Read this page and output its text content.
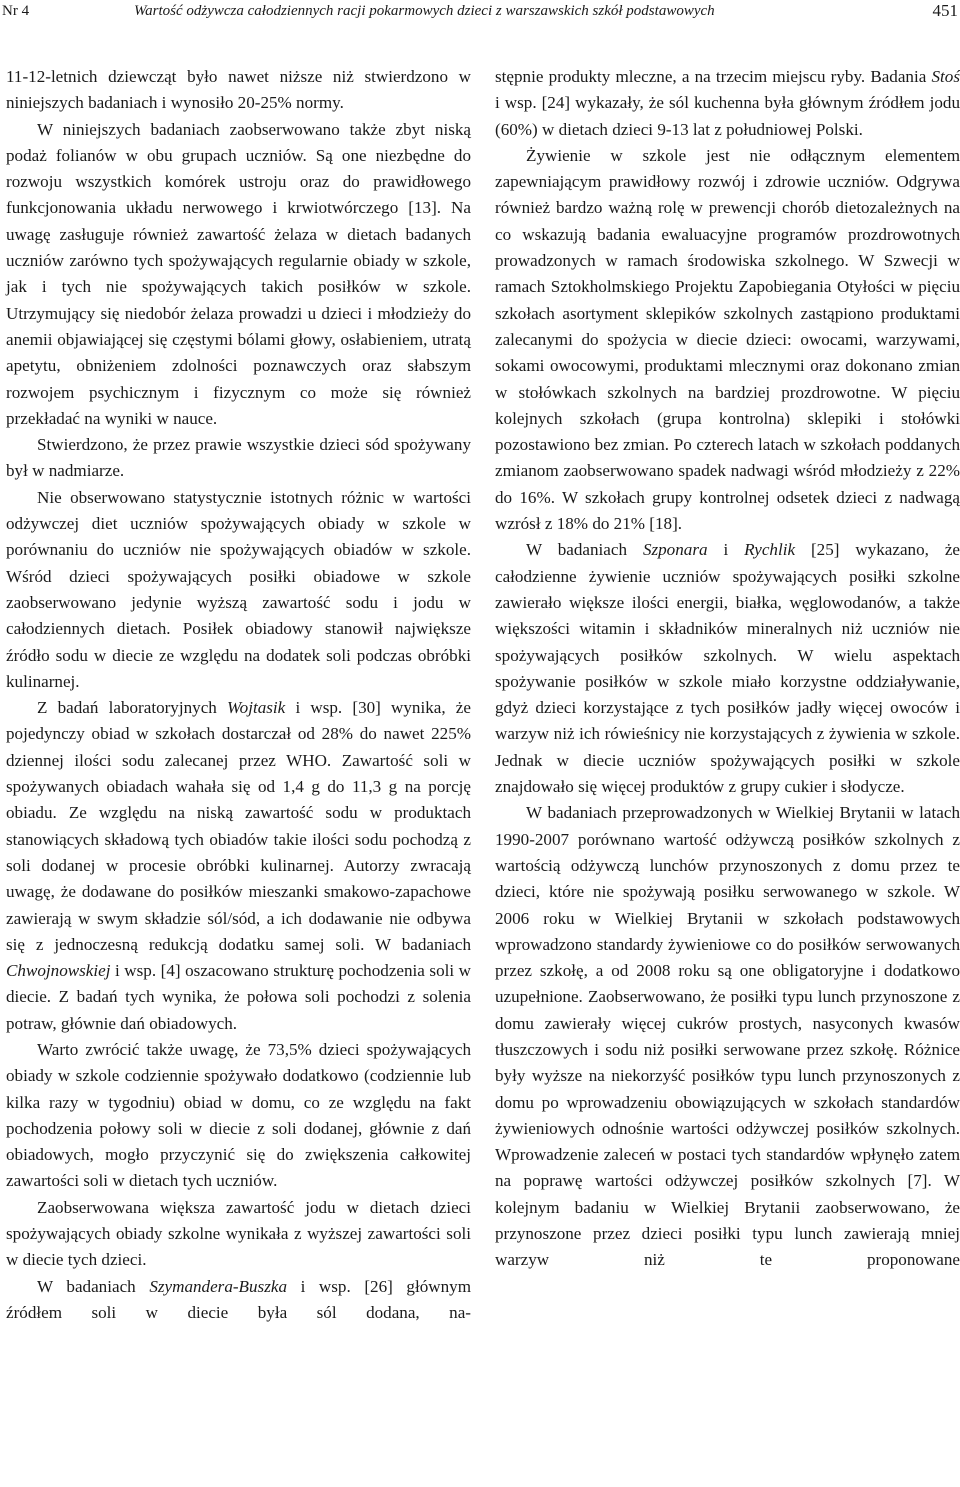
Nr 4	Wartość odżywcza całodziennych racji pokarmowych dzieci z warszawskich szkół podstawowych	451

11-12-letnich dziewcząt było nawet niższe niż stwierdzono w niniejszych badaniach i wynosiło 20-25% normy.

W niniejszych badaniach zaobserwowano także zbyt niską podaż folianów w obu grupach uczniów. Są one niezbędne do rozwoju wszystkich komórek ustroju oraz do prawidłowego funkcjonowania układu nerwowego i krwiotwórczego [13]. Na uwagę zasługuje również zawartość żelaza w dietach badanych uczniów zarówno tych spożywających regularnie obiady w szkole, jak i tych nie spożywających takich posiłków w szkole. Utrzymujący się niedobór żelaza prowadzi u dzieci i młodzieży do anemii objawiającej się częstymi bólami głowy, osłabieniem, utratą apetytu, obniżeniem zdolności poznawczych oraz słabszym rozwojem psychicznym i fizycznym co może się również przekładać na wyniki w nauce.

Stwierdzono, że przez prawie wszystkie dzieci sód spożywany był w nadmiarze.

Nie obserwowano statystycznie istotnych różnic w wartości odżywczej diet uczniów spożywających obiady w szkole w porównaniu do uczniów nie spożywających obiadów w szkole. Wśród dzieci spożywających posiłki obiadowe w szkole zaobserwowano jedynie wyższą zawartość sodu i jodu w całodziennych dietach. Posiłek obiadowy stanowił największe źródło sodu w diecie ze względu na dodatek soli podczas obróbki kulinarnej.

Z badań laboratoryjnych Wojtasik i wsp. [30] wynika, że pojedynczy obiad w szkołach dostarczał od 28% do nawet 225% dziennej ilości sodu zalecanej przez WHO. Zawartość soli w spożywanych obiadach wahała się od 1,4 g do 11,3 g na porcję obiadu. Ze względu na niską zawartość sodu w produktach stanowiących składową tych obiadów takie ilości sodu pochodzą z soli dodanej w procesie obróbki kulinarnej. Autorzy zwracają uwagę, że dodawane do posiłków mieszanki smakowo-zapachowe zawierają w swym składzie sól/sód, a ich dodawanie nie odbywa się z jednoczesną redukcją dodatku samej soli. W badaniach Chwojnowskiej i wsp. [4] oszacowano strukturę pochodzenia soli w diecie. Z badań tych wynika, że połowa soli pochodzi z solenia potraw, głównie dań obiadowych.

Warto zwrócić także uwagę, że 73,5% dzieci spożywających obiady w szkole codziennie spożywało dodatkowo (codziennie lub kilka razy w tygodniu) obiad w domu, co ze względu na fakt pochodzenia połowy soli w diecie z soli dodanej, głównie z dań obiadowych, mogło przyczynić się do zwiększenia całkowitej zawartości soli w dietach tych uczniów.

Zaobserwowana większa zawartość jodu w dietach dzieci spożywających obiady szkolne wynikała z wyższej zawartości soli w diecie tych dzieci.

W badaniach Szymandera-Buszka i wsp. [26] głównym źródłem soli w diecie była sól dodana, na-

stępnie produkty mleczne, a na trzecim miejscu ryby. Badania Stoś i wsp. [24] wykazały, że sól kuchenna była głównym źródłem jodu (60%) w dietach dzieci 9-13 lat z południowej Polski.

Żywienie w szkole jest nie odłącznym elementem zapewniającym prawidłowy rozwój i zdrowie uczniów. Odgrywa również bardzo ważną rolę w prewencji chorób dietozależnych na co wskazują badania ewaluacyjne programów prozdrowotnych prowadzonych w ramach środowiska szkolnego. W Szwecji w ramach Sztokholmskiego Projektu Zapobiegania Otyłości w pięciu szkołach asortyment sklepików szkolnych zastąpiono produktami zalecanymi do spożycia w diecie dzieci: owocami, warzywami, sokami owocowymi, produktami mlecznymi oraz dokonano zmian w stołówkach szkolnych na bardziej prozdrowotne. W pięciu kolejnych szkołach (grupa kontrolna) sklepiki i stołówki pozostawiono bez zmian. Po czterech latach w szkołach poddanych zmianom zaobserwowano spadek nadwagi wśród młodzieży z 22% do 16%. W szkołach grupy kontrolnej odsetek dzieci z nadwagą wzrósł z 18% do 21% [18].

W badaniach Szponara i Rychlik [25] wykazano, że całodzienne żywienie uczniów spożywających posiłki szkolne zawierało większe ilości energii, białka, węglowodanów, a także większości witamin i składników mineralnych niż uczniów nie spożywających posiłków szkolnych. W wielu aspektach spożywanie posiłków w szkole miało korzystne oddziaływanie, gdyż dzieci korzystające z tych posiłków jadły więcej owoców i warzyw niż ich rówieśnicy nie korzystających z żywienia w szkole. Jednak w diecie uczniów spożywających posiłki w szkole znajdowało się więcej produktów z grupy cukier i słodycze.

W badaniach przeprowadzonych w Wielkiej Brytanii w latach 1990-2007 porównano wartość odżywczą posiłków szkolnych z wartością odżywczą lunchów przynoszonych z domu przez te dzieci, które nie spożywają posiłku serwowanego w szkole. W 2006 roku w Wielkiej Brytanii w szkołach podstawowych wprowadzono standardy żywieniowe co do posiłków serwowanych przez szkołę, a od 2008 roku są one obligatoryjne i dodatkowo uzupełnione. Zaobserwowano, że posiłki typu lunch przynoszone z domu zawierały więcej cukrów prostych, nasyconych kwasów tłuszczowych i sodu niż posiłki serwowane przez szkołę. Różnice były wyższe na niekorzyść posiłków typu lunch przynoszonych z domu po wprowadzeniu obowiązujących w szkołach standardów żywieniowych odnośnie wartości odżywczej posiłków szkolnych. Wprowadzenie zaleceń w postaci tych standardów wpłynęło zatem na poprawę wartości odżywczej posiłków szkolnych [7]. W kolejnym badaniu w Wielkiej Brytanii zaobserwowano, że przynoszone przez dzieci posiłki typu lunch zawierają mniej warzyw niż te proponowane
